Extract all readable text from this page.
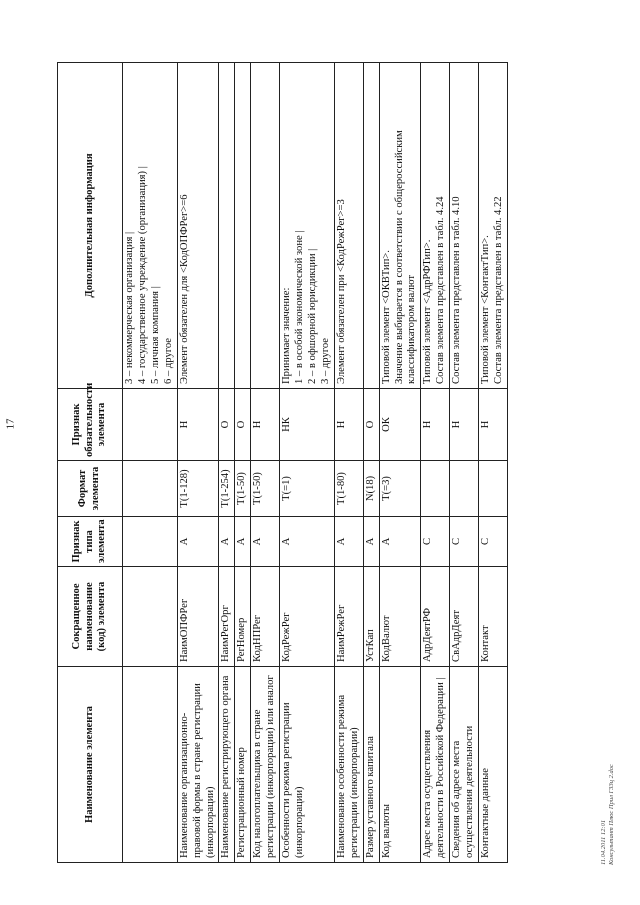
17
Наименование элемента	Сокращенное наименование (код) элемента	Признак типа элемента	Формат элемента	Признак обязательности элемента	Дополнительная информация
					3 – некоммерческая организация | 4 – государственное учреждение (организация) | 5 – личная компания | 6 – другое
Наименование организационно-правовой формы в стране регистрации (инкорпорации)	НаимОПФРег	А	T(1-128)	Н	Элемент обязателен для <КодОПФРег>=6
Наименование регистрирующего органа	НаимРегОрг	А	T(1-254)	О	
Регистрационный номер	РегНомер	А	T(1-50)	О	
Код налогоплательщика в стране регистрации (инкорпорации) или аналог	КодНПРег	А	T(1-50)	Н	
Особенности режима регистрации (инкорпорации)	КодРежРег	А	T(=1)	НК	Принимает значение: 1 – в особой экономической зоне | 2 – в офшорной юрисдикции | 3 – другое
Наименование особенности режима регистрации (инкорпорации)	НаимРежРег	А	T(1-80)	Н	Элемент обязателен при <КодРежРег>=3
Размер уставного капитала	УстКап	А	N(18)	О	
Код валюты	КодВалют	А	T(=3)	ОК	Типовой элемент <ОКВТип>. Значение выбирается в соответствии с общероссийским классификатором валют
Адрес места осуществления деятельности в Российской Федерации |	АдрДеятРФ	С		Н	Типовой элемент <АдрРФТип>. Состав элемента представлен в табл. 4.24
Сведения об адресе места осуществления деятельности	СвАдрДеят	С		Н	Состав элемента представлен в табл. 4.10
Контактные данные	Контакт	С		Н	Типовой элемент <КонтактТип>. Состав элемента представлен в табл. 4.22
11.04.2011 12:01 Консультант Плюс Прил Г33ц 2.doc
